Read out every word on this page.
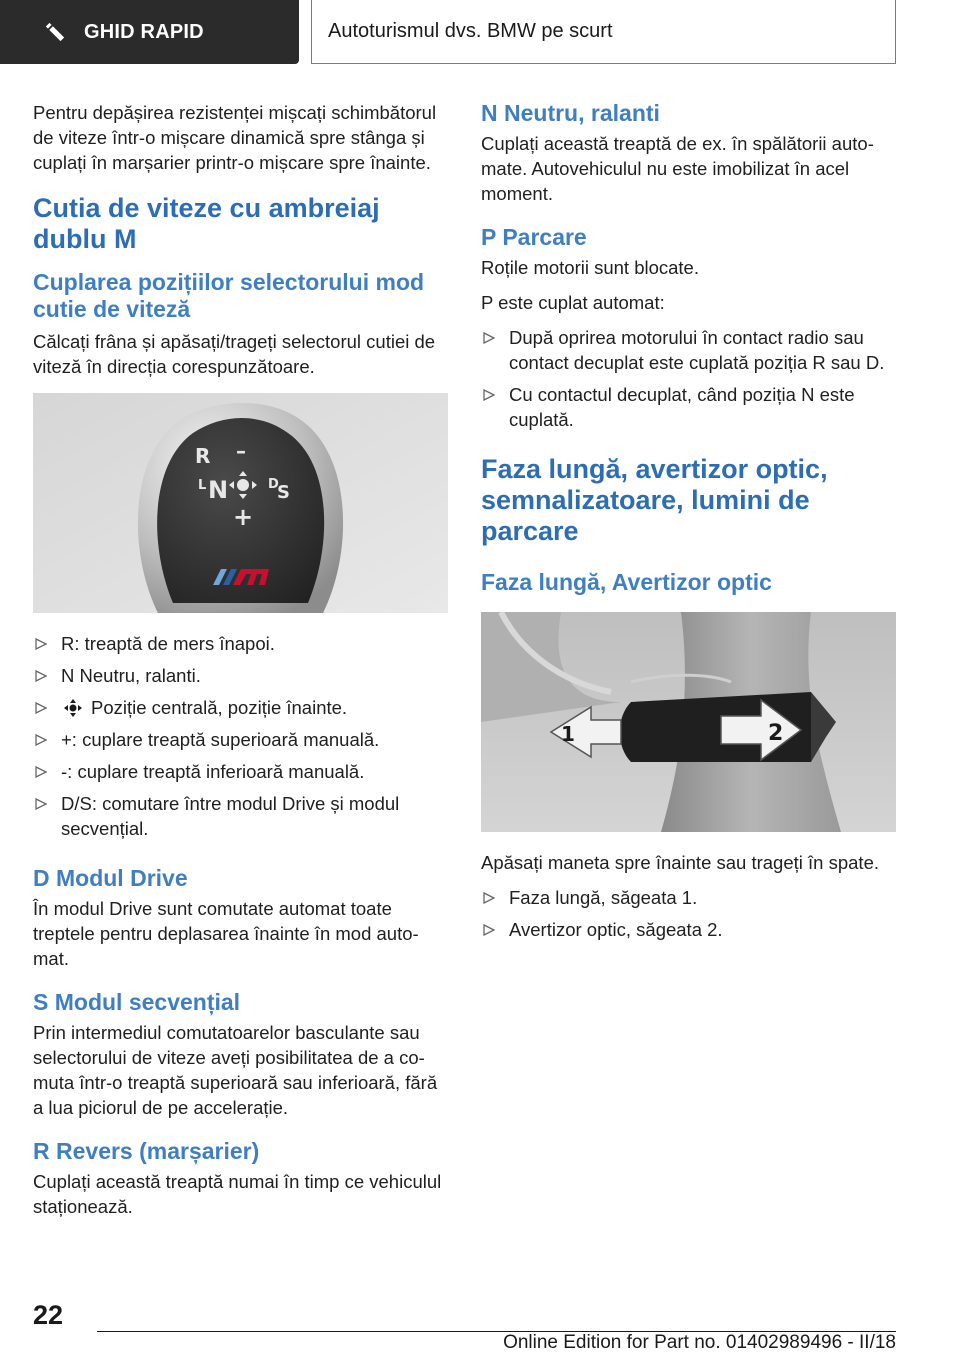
GHID RAPID	Autoturismul dvs. BMW pe scurt

Pentru depășirea rezistenței mișcați schimbătorul de viteze într-o mișcare dinamică spre stânga și cuplați în marșarier printr-o mișcare spre înainte.

Cutia de viteze cu ambreiaj dublu M
Cuplarea pozițiilor selectorului mod cutie de viteză

Călcați frâna și apăsați/trageți selectorul cutiei de viteză în direcția corespunzătoare.

R –
L N	D
S
+
R: treaptă de mers înapoi.
N Neutru, ralanti.
Poziție centrală, poziție înainte.
+: cuplare treaptă superioară manuală.
-: cuplare treaptă inferioară manuală.
D/S: comutare între modul Drive și modul secvențial.
D Modul Drive

În modul Drive sunt comutate automat toate treptele pentru deplasarea înainte în mod automat.

S Modul secvențial

Prin intermediul comutatoarelor basculante sau selectorului de viteze aveți posibilitatea de a comuta într-o treaptă superioară sau inferioară, fără a lua piciorul de pe accelerație.

R Revers (marșarier)

Cuplați această treaptă numai în timp ce vehiculul staționează.

N Neutru, ralanti

Cuplați această treaptă de ex. în spălătorii automate. Autovehiculul nu este imobilizat în acel moment.

P Parcare

Roțile motorii sunt blocate.

P este cuplat automat:

După oprirea motorului în contact radio sau contact decuplat este cuplată poziția R sau D.
Cu contactul decuplat, când poziția N este cuplată.
Faza lungă, avertizor optic, semnalizatoare, lumini de parcare
Faza lungă, Avertizor optic
1	2

Apăsați maneta spre înainte sau trageți în spate.

Faza lungă, săgeata 1.
Avertizor optic, săgeata 2.
22
Online Edition for Part no. 01402989496 - II/18
